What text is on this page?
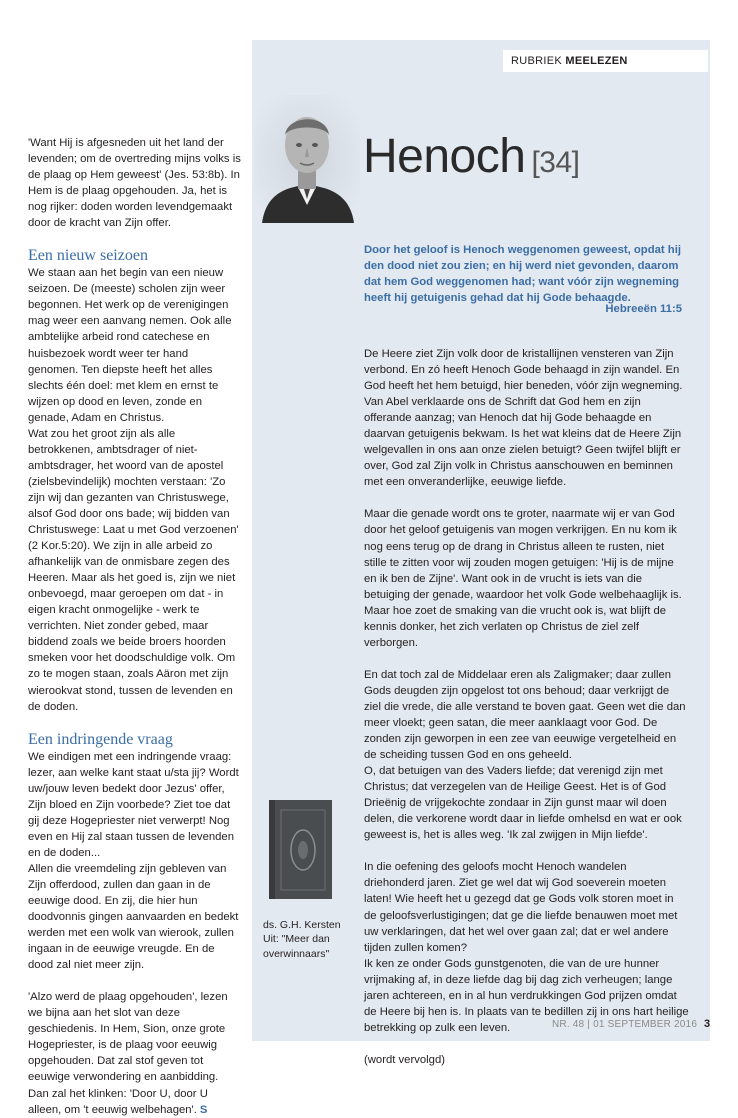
RUBRIEK MEELEZEN
Henoch [34]
Door het geloof is Henoch weggenomen geweest, opdat hij den dood niet zou zien; en hij werd niet gevonden, daarom dat hem God weggenomen had; want vóór zijn wegneming heeft hij getuigenis gehad dat hij Gode behaagde.
Hebreeën 11:5

De Heere ziet Zijn volk door de kristallijnen vensteren van Zijn verbond. En zó heeft Henoch Gode behaagd in zijn wandel. En God heeft het hem betuigd, hier beneden, vóór zijn wegneming.

Van Abel verklaarde ons de Schrift dat God hem en zijn offerande aanzag; van Henoch dat hij Gode behaagde en daarvan getuigenis bekwam. Is het wat kleins dat de Heere Zijn welgevallen in ons aan onze zielen betuigt? Geen twijfel blijft er over, God zal Zijn volk in Christus aanschouwen en beminnen met een onveranderlijke, eeuwige liefde.

Maar die genade wordt ons te groter, naarmate wij er van God door het geloof getuigenis van mogen verkrijgen. En nu kom ik nog eens terug op de drang in Christus alleen te rusten, niet stille te zitten voor wij zouden mogen getuigen: 'Hij is de mijne en ik ben de Zijne'. Want ook in de vrucht is iets van die betuiging der genade, waardoor het volk Gode welbehaaglijk is. Maar hoe zoet de smaking van die vrucht ook is, wat blijft de kennis donker, het zich verlaten op Christus de ziel zelf verborgen.

En dat toch zal de Middelaar eren als Zaligmaker; daar zullen Gods deugden zijn opgelost tot ons behoud; daar verkrijgt de ziel die vrede, die alle verstand te boven gaat. Geen wet die dan meer vloekt; geen satan, die meer aanklaagt voor God. De zonden zijn geworpen in een zee van eeuwige vergetelheid en de scheiding tussen God en ons geheeld.

O, dat betuigen van des Vaders liefde; dat verenigd zijn met Christus; dat verzegelen van de Heilige Geest. Het is of God Drieënig de vrijgekochte zondaar in Zijn gunst maar wil doen delen, die verkorene wordt daar in liefde omhelsd en wat er ook geweest is, het is alles weg. 'Ik zal zwijgen in Mijn liefde'.

In die oefening des geloofs mocht Henoch wandelen driehonderd jaren. Ziet ge wel dat wij God soeverein moeten laten! Wie heeft het u gezegd dat ge Gods volk storen moet in de geloofsverlustigingen; dat ge die liefde benauwen moet met uw verklaringen, dat het wel over gaan zal; dat er wel andere tijden zullen komen?

Ik ken ze onder Gods gunstgenoten, die van de ure hunner vrijmaking af, in deze liefde dag bij dag zich verheugen; lange jaren achtereen, en in al hun verdrukkingen God prijzen omdat de Heere bij hen is. In plaats van te bedillen zij in ons hart heilige betrekking op zulk een leven.

(wordt vervolgd)

ds. G.H. Kersten
Uit: "Meer dan overwinnaars"

'Want Hij is afgesneden uit het land der levenden; om de overtreding mijns volks is de plaag op Hem geweest' (Jes. 53:8b). In Hem is de plaag opgehouden. Ja, het is nog rijker: doden worden levendgemaakt door de kracht van Zijn offer.

Een nieuw seizoen

We staan aan het begin van een nieuw seizoen. De (meeste) scholen zijn weer begonnen. Het werk op de verenigingen mag weer een aanvang nemen. Ook alle ambtelijke arbeid rond catechese en huisbezoek wordt weer ter hand genomen. Ten diepste heeft het alles slechts één doel: met klem en ernst te wijzen op dood en leven, zonde en genade, Adam en Christus.

Wat zou het groot zijn als alle betrokkenen, ambtsdrager of niet-ambtsdrager, het woord van de apostel (zielsbevindelijk) mochten verstaan: 'Zo zijn wij dan gezanten van Christuswege, alsof God door ons bade; wij bidden van Christuswege: Laat u met God verzoenen' (2 Kor.5:20). We zijn in alle arbeid zo afhankelijk van de onmisbare zegen des Heeren. Maar als het goed is, zijn we niet onbevoegd, maar geroepen om dat - in eigen kracht onmogelijke - werk te verrichten. Niet zonder gebed, maar biddend zoals we beide broers hoorden smeken voor het doodschuldige volk. Om zo te mogen staan, zoals Aäron met zijn wierookvat stond, tussen de levenden en de doden.

Een indringende vraag

We eindigen met een indringende vraag: lezer, aan welke kant staat u/sta jij? Wordt uw/jouw leven bedekt door Jezus' offer, Zijn bloed en Zijn voorbede? Ziet toe dat gij deze Hogepriester niet verwerpt! Nog even en Hij zal staan tussen de levenden en de doden...

Allen die vreemdeling zijn gebleven van Zijn offerdood, zullen dan gaan in de eeuwige dood. En zij, die hier hun doodvonnis gingen aanvaarden en bedekt werden met een wolk van wierook, zullen ingaan in de eeuwige vreugde. En de dood zal niet meer zijn.

'Alzo werd de plaag opgehouden', lezen we bijna aan het slot van deze geschiedenis. In Hem, Sion, onze grote Hogepriester, is de plaag voor eeuwig opgehouden. Dat zal stof geven tot eeuwige verwondering en aanbidding. Dan zal het klinken: 'Door U, door U alleen, om 't eeuwig welbehagen'. S

NR. 48 | 01 SEPTEMBER 2016 3
